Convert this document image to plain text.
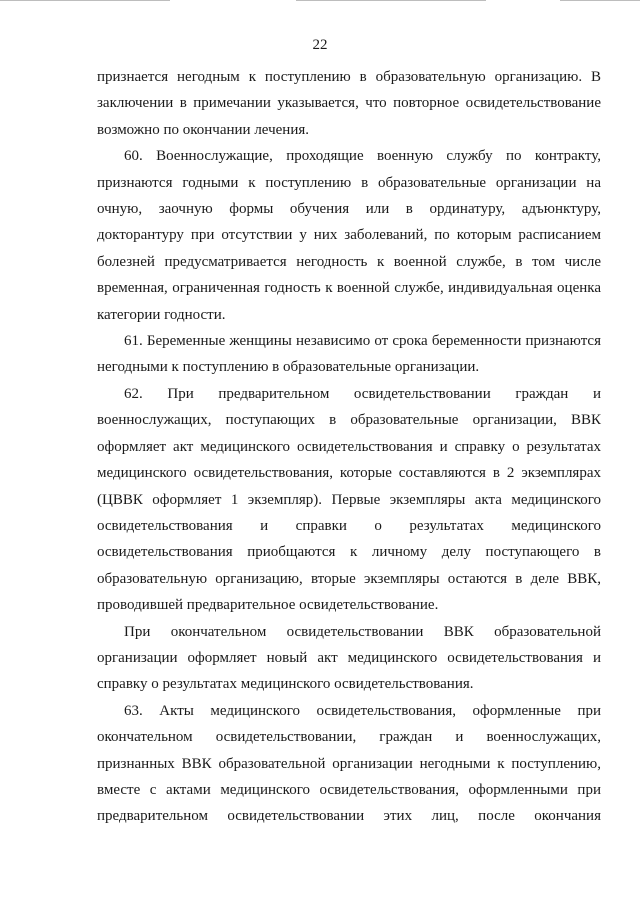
22

признается негодным к поступлению в образовательную организацию. В заключении в примечании указывается, что повторное освидетельствование возможно по окончании лечения.

60. Военнослужащие, проходящие военную службу по контракту, признаются годными к поступлению в образовательные организации на очную, заочную формы обучения или в ординатуру, адъюнктуру, докторантуру при отсутствии у них заболеваний, по которым расписанием болезней предусматривается негодность к военной службе, в том числе временная, ограниченная годность к военной службе, индивидуальная оценка категории годности.

61. Беременные женщины независимо от срока беременности признаются негодными к поступлению в образовательные организации.

62. При предварительном освидетельствовании граждан и военнослужащих, поступающих в образовательные организации, ВВК оформляет акт медицинского освидетельствования и справку о результатах медицинского освидетельствования, которые составляются в 2 экземплярах (ЦВВК оформляет 1 экземпляр). Первые экземпляры акта медицинского освидетельствования и справки о результатах медицинского освидетельствования приобщаются к личному делу поступающего в образовательную организацию, вторые экземпляры остаются в деле ВВК, проводившей предварительное освидетельствование.

При окончательном освидетельствовании ВВК образовательной организации оформляет новый акт медицинского освидетельствования и справку о результатах медицинского освидетельствования.

63. Акты медицинского освидетельствования, оформленные при окончательном освидетельствовании, граждан и военнослужащих, признанных ВВК образовательной организации негодными к поступлению, вместе с актами медицинского освидетельствования, оформленными при предварительном освидетельствовании этих лиц, после окончания
